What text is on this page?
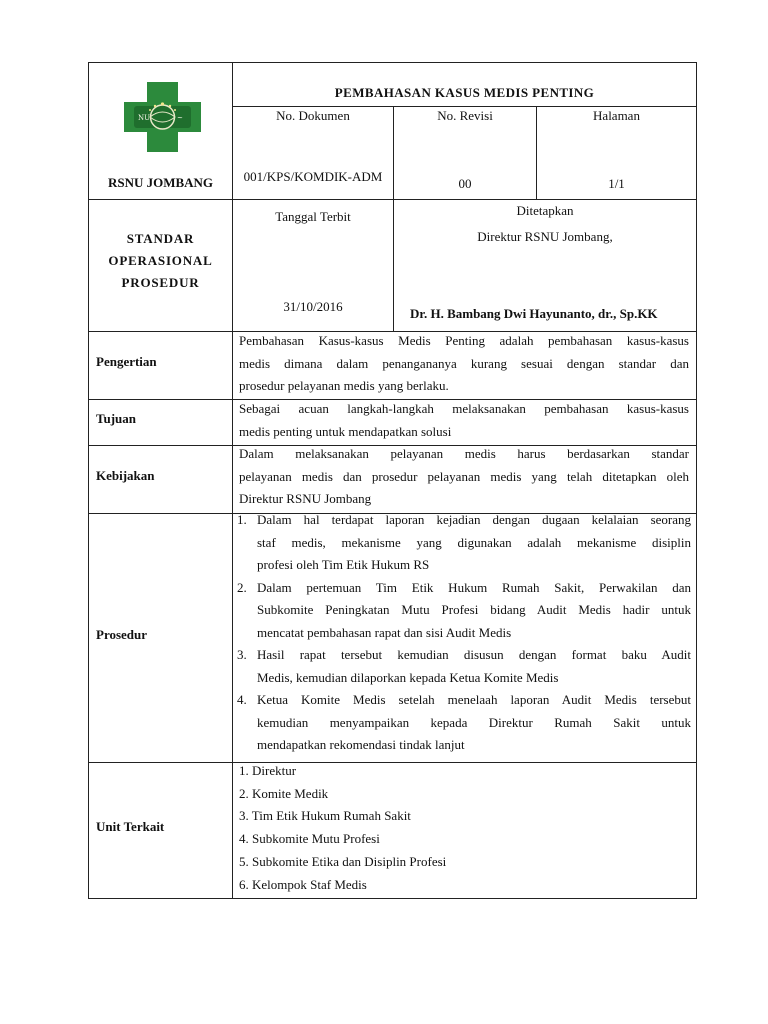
NU	~
RSNU JOMBANG
PEMBAHASAN KASUS MEDIS PENTING
No. Dokumen
001/KPS/KOMDIK-ADM
No. Revisi
00
Halaman
1/1
STANDAR
OPERASIONAL
PROSEDUR
Tanggal Terbit
31/10/2016
Ditetapkan
Direktur RSNU Jombang,
Dr. H. Bambang Dwi Hayunanto, dr., Sp.KK
Pengertian
Pembahasan Kasus-kasus Medis Penting adalah pembahasan kasus-kasus
medis dimana dalam penangananya kurang sesuai dengan standar dan
prosedur pelayanan medis yang berlaku.
Tujuan
Sebagai acuan langkah-langkah melaksanakan pembahasan kasus-kasus
medis penting untuk mendapatkan solusi
Kebijakan
Dalam melaksanakan pelayanan medis harus berdasarkan standar
pelayanan medis dan prosedur pelayanan medis yang telah ditetapkan oleh
Direktur RSNU Jombang
Prosedur
1. Dalam hal terdapat laporan kejadian dengan dugaan kelalaian seorang
staf medis, mekanisme yang digunakan adalah mekanisme disiplin
profesi oleh Tim Etik Hukum RS
2. Dalam pertemuan Tim Etik Hukum Rumah Sakit, Perwakilan dan
Subkomite Peningkatan Mutu Profesi bidang Audit Medis hadir untuk
mencatat pembahasan rapat dan sisi Audit Medis
3. Hasil rapat tersebut kemudian disusun dengan format baku Audit
Medis, kemudian dilaporkan kepada Ketua Komite Medis
4. Ketua Komite Medis setelah menelaah laporan Audit Medis tersebut
kemudian menyampaikan kepada Direktur Rumah Sakit untuk
mendapatkan rekomendasi tindak lanjut
Unit Terkait
1. Direktur
2. Komite Medik
3. Tim Etik Hukum Rumah Sakit
4. Subkomite Mutu Profesi
5. Subkomite Etika dan Disiplin Profesi
6. Kelompok Staf Medis
